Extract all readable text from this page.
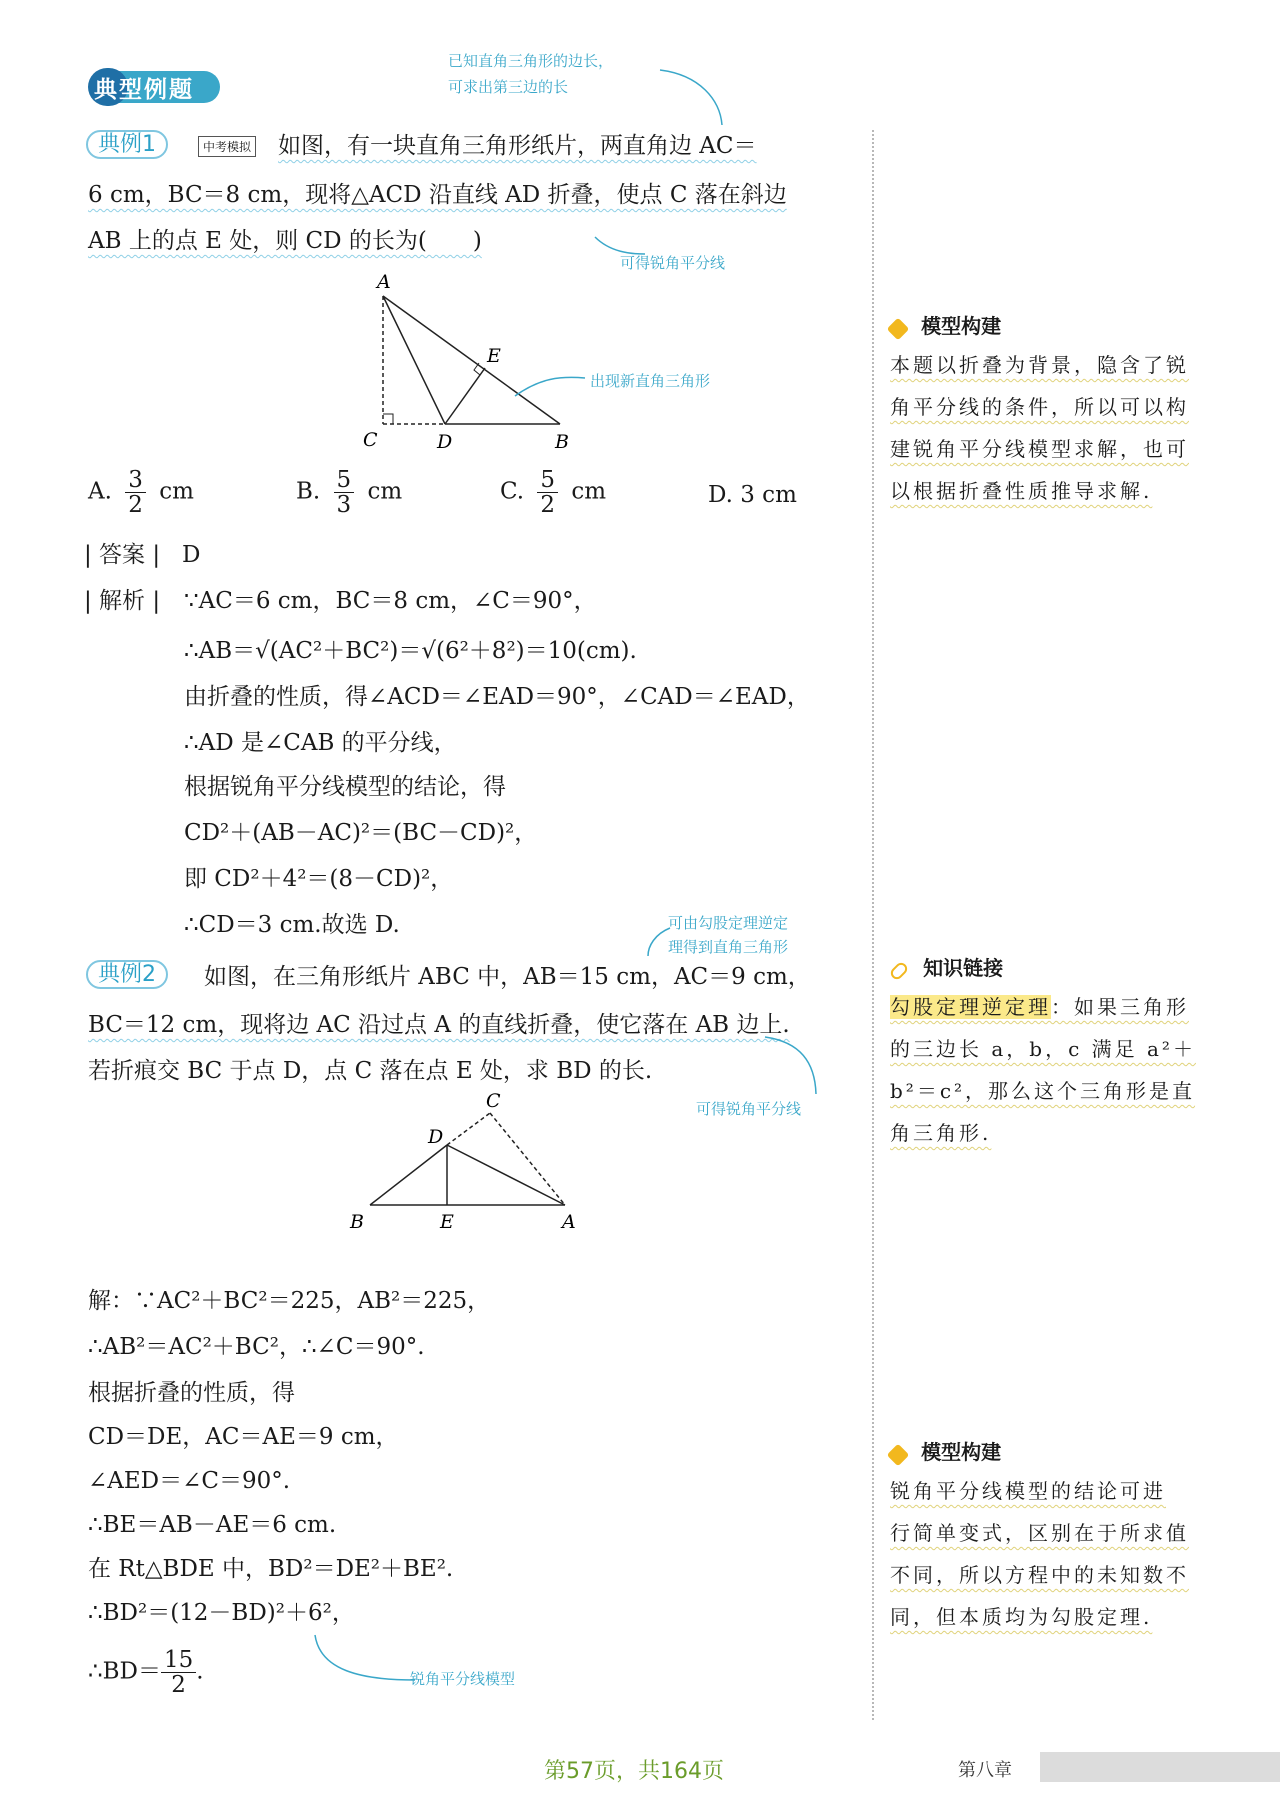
典型例题
已知直角三角形的边长，
可求出第三边的长
典例1	中考模拟 如图，有一块直角三角形纸片，两直角边 AC＝
6 cm，BC＝8 cm，现将△ACD 沿直线 AD 折叠，使点 C 落在斜边
AB 上的点 E 处，则 CD 的长为(　　)
可得锐角平分线
A
C	D	B
E
出现新直角三角形
A. $\frac{3}{2}$ cm	B. $\frac{5}{3}$ cm	C. $\frac{5}{2}$ cm	D. 3 cm
| 答案 | D
| 解析 | ∵AC＝6 cm，BC＝8 cm，∠C＝90°，
∴AB＝√(AC²＋BC²)＝√(6²＋8²)＝10(cm).
由折叠的性质，得∠ACD＝∠EAD＝90°，∠CAD＝∠EAD，
∴AD 是∠CAB 的平分线，
根据锐角平分线模型的结论，得
CD²＋(AB－AC)²＝(BC－CD)²，
即 CD²＋4²＝(8－CD)²，
∴CD＝3 cm.故选 D.	可由勾股定理逆定
理得到直角三角形
典例2	如图，在三角形纸片 ABC 中，AB＝15 cm，AC＝9 cm，
BC＝12 cm，现将边 AC 沿过点 A 的直线折叠，使它落在 AB 边上.
若折痕交 BC 于点 D，点 C 落在点 E 处，求 BD 的长.
可得锐角平分线
B	E	A
D
C
解：∵AC²＋BC²＝225，AB²＝225，
∴AB²＝AC²＋BC²，∴∠C＝90°.
根据折叠的性质，得
CD＝DE，AC＝AE＝9 cm，
∠AED＝∠C＝90°.
∴BE＝AB－AE＝6 cm.
在 Rt△BDE 中，BD²＝DE²＋BE².
∴BD²＝(12－BD)²＋6²，
∴BD＝ $\frac{15}{2}$ .	锐角平分线模型
模型构建
本题以折叠为背景，隐含了锐
角平分线的条件，所以可以构
建锐角平分线模型求解，也可
以根据折叠性质推导求解.
知识链接
勾股定理逆定理：如果三角形
的三边长 a，b，c 满足 a²＋
b²＝c²，那么这个三角形是直
角三角形.
模型构建
锐角平分线模型的结论可进
行简单变式，区别在于所求值
不同，所以方程中的未知数不
同，但本质均为勾股定理.
第57页，共164页	第八章
